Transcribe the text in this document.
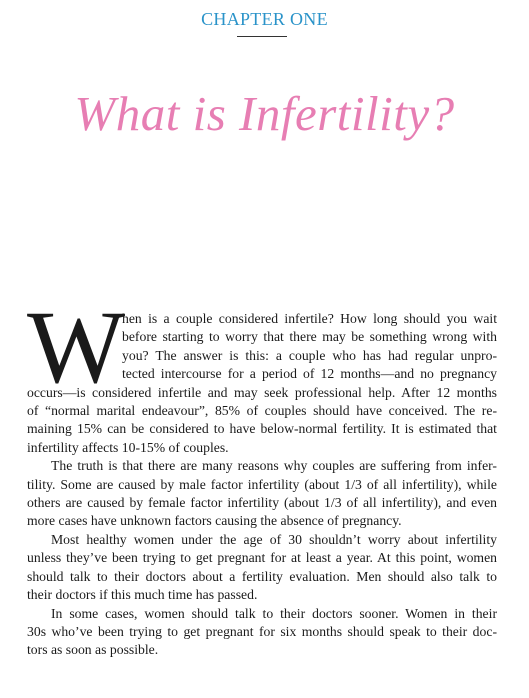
CHAPTER ONE
What is Infertility?
W
hen is a couple considered infertile? How long should you wait
before starting to worry that there may be something wrong with
you? The answer is this: a couple who has had regular unpro-
tected intercourse for a period of 12 months—and no pregnancy
occurs—is considered infertile and may seek professional help. After 12 months
of “normal marital endeavour”, 85% of couples should have conceived. The re-
maining 15% can be considered to have below-normal fertility. It is estimated that
infertility affects 10-15% of couples.
The truth is that there are many reasons why couples are suffering from infer-
tility. Some are caused by male factor infertility (about 1/3 of all infertility), while
others are caused by female factor infertility (about 1/3 of all infertility), and even
more cases have unknown factors causing the absence of pregnancy.
Most healthy women under the age of 30 shouldn’t worry about infertility
unless they’ve been trying to get pregnant for at least a year. At this point, women
should talk to their doctors about a fertility evaluation. Men should also talk to
their doctors if this much time has passed.
In some cases, women should talk to their doctors sooner. Women in their
30s who’ve been trying to get pregnant for six months should speak to their doc-
tors as soon as possible.
